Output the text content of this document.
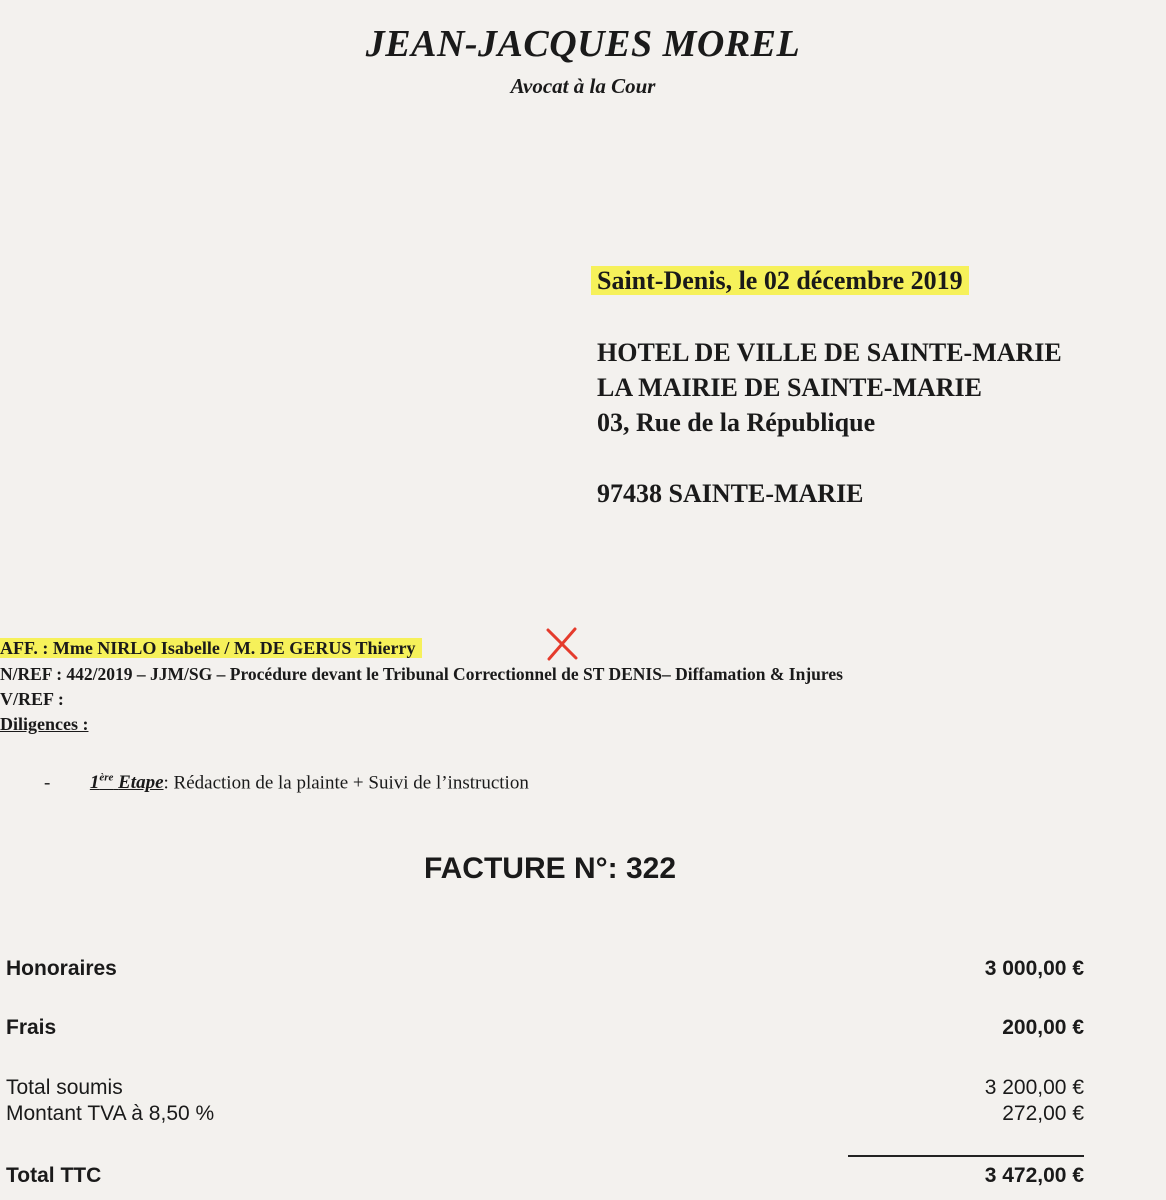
JEAN-JACQUES MOREL
Avocat à la Cour
Saint-Denis, le 02 décembre 2019
HOTEL DE VILLE DE SAINTE-MARIE
LA MAIRIE DE SAINTE-MARIE
03, Rue de la République
97438 SAINTE-MARIE
AFF. : Mme NIRLO Isabelle / M. DE GERUS Thierry
N/REF : 442/2019 – JJM/SG – Procédure devant le Tribunal Correctionnel de ST DENIS– Diffamation & Injures
V/REF :
Diligences :
- 1ère Etape: Rédaction de la plainte + Suivi de l’instruction
FACTURE N°: 322
Honoraires	3 000,00 €
Frais	200,00 €
Total soumis	3 200,00 €
Montant TVA à 8,50 %	272,00 €
Total TTC	3 472,00 €
